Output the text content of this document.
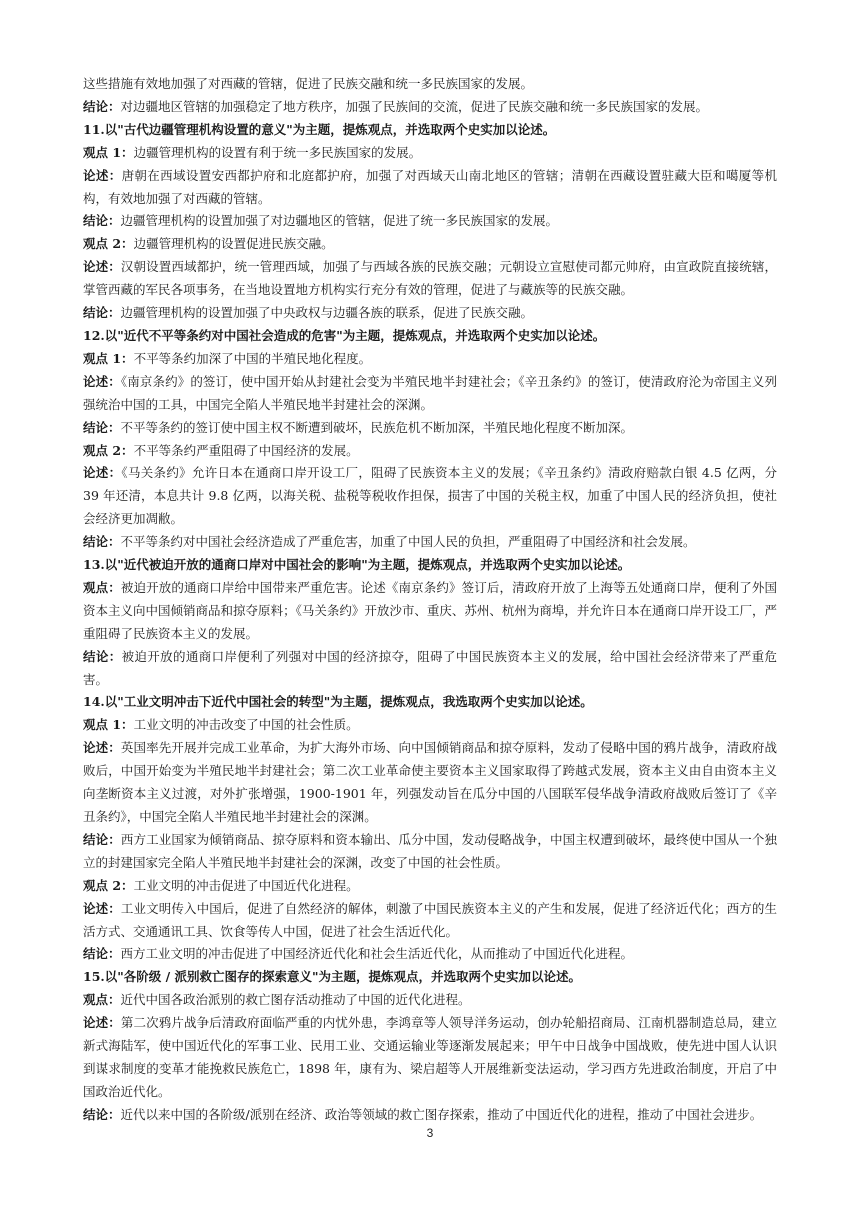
这些措施有效地加强了对西藏的管辖，促进了民族交融和统一多民族国家的发展。

结论：对边疆地区管辖的加强稳定了地方秩序，加强了民族间的交流，促进了民族交融和统一多民族国家的发展。

11.以"古代边疆管理机构设置的意义"为主题，提炼观点，并选取两个史实加以论述。

观点 1：边疆管理机构的设置有利于统一多民族国家的发展。

论述：唐朝在西域设置安西都护府和北庭都护府，加强了对西域天山南北地区的管辖；清朝在西藏设置驻藏大臣和噶厦等机构，有效地加强了对西藏的管辖。

结论：边疆管理机构的设置加强了对边疆地区的管辖，促进了统一多民族国家的发展。

观点 2：边疆管理机构的设置促进民族交融。

论述：汉朝设置西域都护，统一管理西域，加强了与西域各族的民族交融；元朝设立宣慰使司都元帅府，由宣政院直接统辖，掌管西藏的军民各项事务，在当地设置地方机构实行充分有效的管理，促进了与藏族等的民族交融。

结论：边疆管理机构的设置加强了中央政权与边疆各族的联系，促进了民族交融。

12.以"近代不平等条约对中国社会造成的危害"为主题，提炼观点，并选取两个史实加以论述。

观点 1：不平等条约加深了中国的半殖民地化程度。

论述：《南京条约》的签订，使中国开始从封建社会变为半殖民地半封建社会；《辛丑条约》的签订，使清政府沦为帝国主义列强统治中国的工具，中国完全陷人半殖民地半封建社会的深渊。

结论：不平等条约的签订使中国主权不断遭到破坏，民族危机不断加深，半殖民地化程度不断加深。

观点 2：不平等条约严重阻碍了中国经济的发展。

论述：《马关条约》允许日本在通商口岸开设工厂，阻碍了民族资本主义的发展；《辛丑条约》清政府赔款白银 4.5 亿两，分 39 年还清，本息共计 9.8 亿两，以海关税、盐税等税收作担保，损害了中国的关税主权，加重了中国人民的经济负担，使社会经济更加凋敝。

结论：不平等条约对中国社会经济造成了严重危害，加重了中国人民的负担，严重阻碍了中国经济和社会发展。

13.以"近代被迫开放的通商口岸对中国社会的影响"为主题，提炼观点，并选取两个史实加以论述。

观点：被迫开放的通商口岸给中国带来严重危害。论述《南京条约》签订后，清政府开放了上海等五处通商口岸，便利了外国资本主义向中国倾销商品和掠夺原料；《马关条约》开放沙市、重庆、苏州、杭州为商埠，并允许日本在通商口岸开设工厂，严重阻碍了民族资本主义的发展。

结论：被迫开放的通商口岸便利了列强对中国的经济掠夺，阻碍了中国民族资本主义的发展，给中国社会经济带来了严重危害。

14.以"工业文明冲击下近代中国社会的转型"为主题，提炼观点，我选取两个史实加以论述。

观点 1：工业文明的冲击改变了中国的社会性质。

论述：英国率先开展并完成工业革命，为扩大海外市场、向中国倾销商品和掠夺原料，发动了侵略中国的鸦片战争，清政府战败后，中国开始变为半殖民地半封建社会；第二次工业革命使主要资本主义国家取得了跨越式发展，资本主义由自由资本主义向垄断资本主义过渡，对外扩张增强，1900-1901 年，列强发动旨在瓜分中国的八国联军侵华战争清政府战败后签订了《辛丑条约》，中国完全陷人半殖民地半封建社会的深渊。

结论：西方工业国家为倾销商品、掠夺原料和资本输出、瓜分中国，发动侵略战争，中国主权遭到破坏，最终使中国从一个独立的封建国家完全陷人半殖民地半封建社会的深渊，改变了中国的社会性质。

观点 2：工业文明的冲击促进了中国近代化进程。

论述：工业文明传入中国后，促进了自然经济的解体，刺激了中国民族资本主义的产生和发展，促进了经济近代化；西方的生活方式、交通通讯工具、饮食等传人中国，促进了社会生活近代化。

结论：西方工业文明的冲击促进了中国经济近代化和社会生活近代化，从而推动了中国近代化进程。

15.以"各阶级 / 派别救亡图存的探索意义"为主题，提炼观点，并选取两个史实加以论述。

观点：近代中国各政治派别的救亡图存活动推动了中国的近代化进程。

论述：第二次鸦片战争后清政府面临严重的内忧外患，李鸿章等人领导洋务运动，创办轮船招商局、江南机器制造总局，建立新式海陆军，使中国近代化的军事工业、民用工业、交通运输业等逐渐发展起来；甲午中日战争中国战败，使先进中国人认识到谋求制度的变革才能挽救民族危亡，1898 年，康有为、梁启超等人开展维新变法运动，学习西方先进政治制度，开启了中国政治近代化。

结论：近代以来中国的各阶级/派别在经济、政治等领域的救亡图存探索，推动了中国近代化的进程，推动了中国社会进步。

3
